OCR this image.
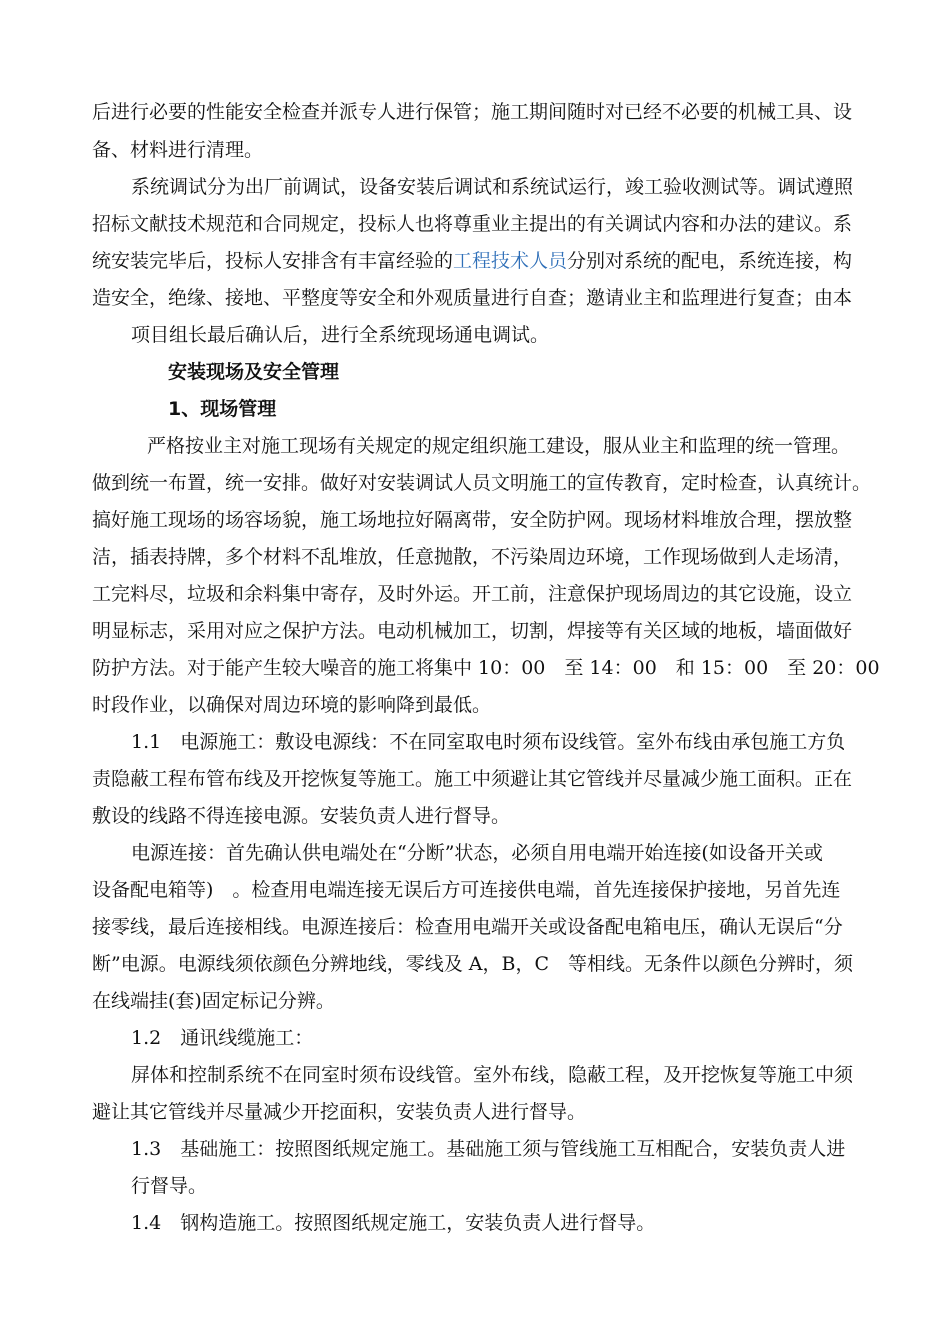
后进行必要的性能安全检查并派专人进行保管；施工期间随时对已经不必要的机械工具、设
备、材料进行清理。
系统调试分为出厂前调试，设备安装后调试和系统试运行，竣工验收测试等。调试遵照
招标文献技术规范和合同规定，投标人也将尊重业主提出的有关调试内容和办法的建议。系
统安装完毕后，投标人安排含有丰富经验的工程技术人员分别对系统的配电，系统连接，构
造安全，绝缘、接地、平整度等安全和外观质量进行自查；邀请业主和监理进行复查；由本
项目组长最后确认后，进行全系统现场通电调试。
安装现场及安全管理
1、现场管理
严格按业主对施工现场有关规定的规定组织施工建设，服从业主和监理的统一管理。
做到统一布置，统一安排。做好对安装调试人员文明施工的宣传教育，定时检查，认真统计。
搞好施工现场的场容场貌，施工场地拉好隔离带，安全防护网。现场材料堆放合理，摆放整
洁，插表持牌，多个材料不乱堆放，任意抛散，不污染周边环境，工作现场做到人走场清，
工完料尽，垃圾和余料集中寄存，及时外运。开工前，注意保护现场周边的其它设施，设立
明显标志，采用对应之保护方法。电动机械加工，切割，焊接等有关区域的地板，墙面做好
防护方法。对于能产生较大噪音的施工将集中 10：00　至 14：00　和 15：00　至 20：00
时段作业，以确保对周边环境的影响降到最低。
1.1　电源施工：敷设电源线：不在同室取电时须布设线管。室外布线由承包施工方负
责隐蔽工程布管布线及开挖恢复等施工。施工中须避让其它管线并尽量减少施工面积。正在
敷设的线路不得连接电源。安装负责人进行督导。
电源连接：首先确认供电端处在“分断”状态，必须自用电端开始连接(如设备开关或
设备配电箱等)　。检查用电端连接无误后方可连接供电端，首先连接保护接地，另首先连
接零线，最后连接相线。电源连接后：检查用电端开关或设备配电箱电压，确认无误后“分
断”电源。电源线须依颜色分辨地线，零线及 A，B，C　等相线。无条件以颜色分辨时，须
在线端挂(套)固定标记分辨。
1.2　通讯线缆施工：
屏体和控制系统不在同室时须布设线管。室外布线，隐蔽工程，及开挖恢复等施工中须
避让其它管线并尽量减少开挖面积，安装负责人进行督导。
1.3　基础施工：按照图纸规定施工。基础施工须与管线施工互相配合，安装负责人进
行督导。
1.4　钢构造施工。按照图纸规定施工，安装负责人进行督导。
